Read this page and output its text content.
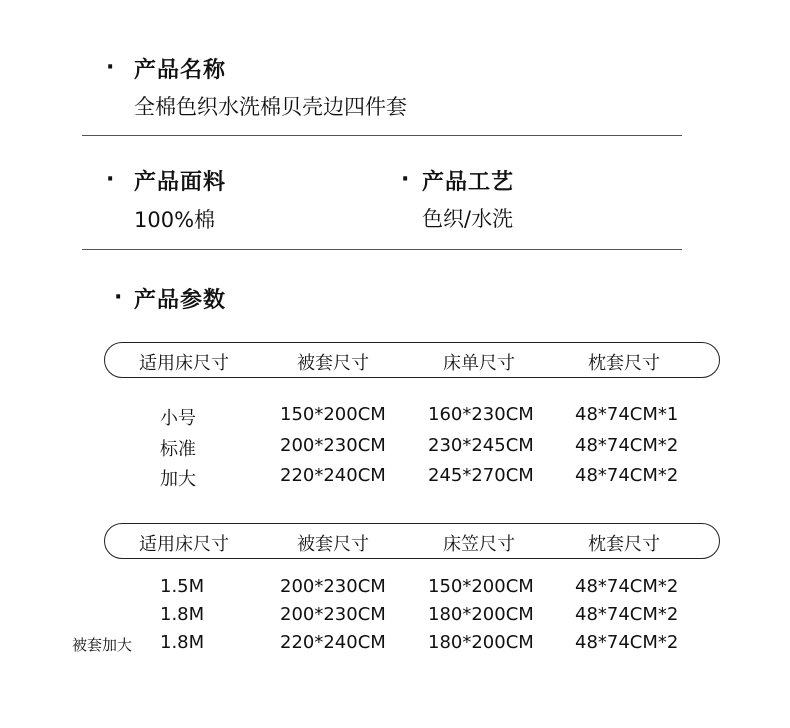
· 产品名称
全棉色织水洗棉贝壳边四件套
· 产品面料
100%棉
· 产品工艺
色织/水洗
· 产品参数
适用床尺寸	被套尺寸	床单尺寸	枕套尺寸
小号	150*200CM 160*230CM 48*74CM*1
标准	200*230CM 230*245CM 48*74CM*2
加大	220*240CM 245*270CM 48*74CM*2
适用床尺寸	被套尺寸	床笠尺寸	枕套尺寸
1.5M	200*230CM 150*200CM 48*74CM*2
1.8M	200*230CM 180*200CM 48*74CM*2
被套加大 1.8M	220*240CM 180*200CM 48*74CM*2
